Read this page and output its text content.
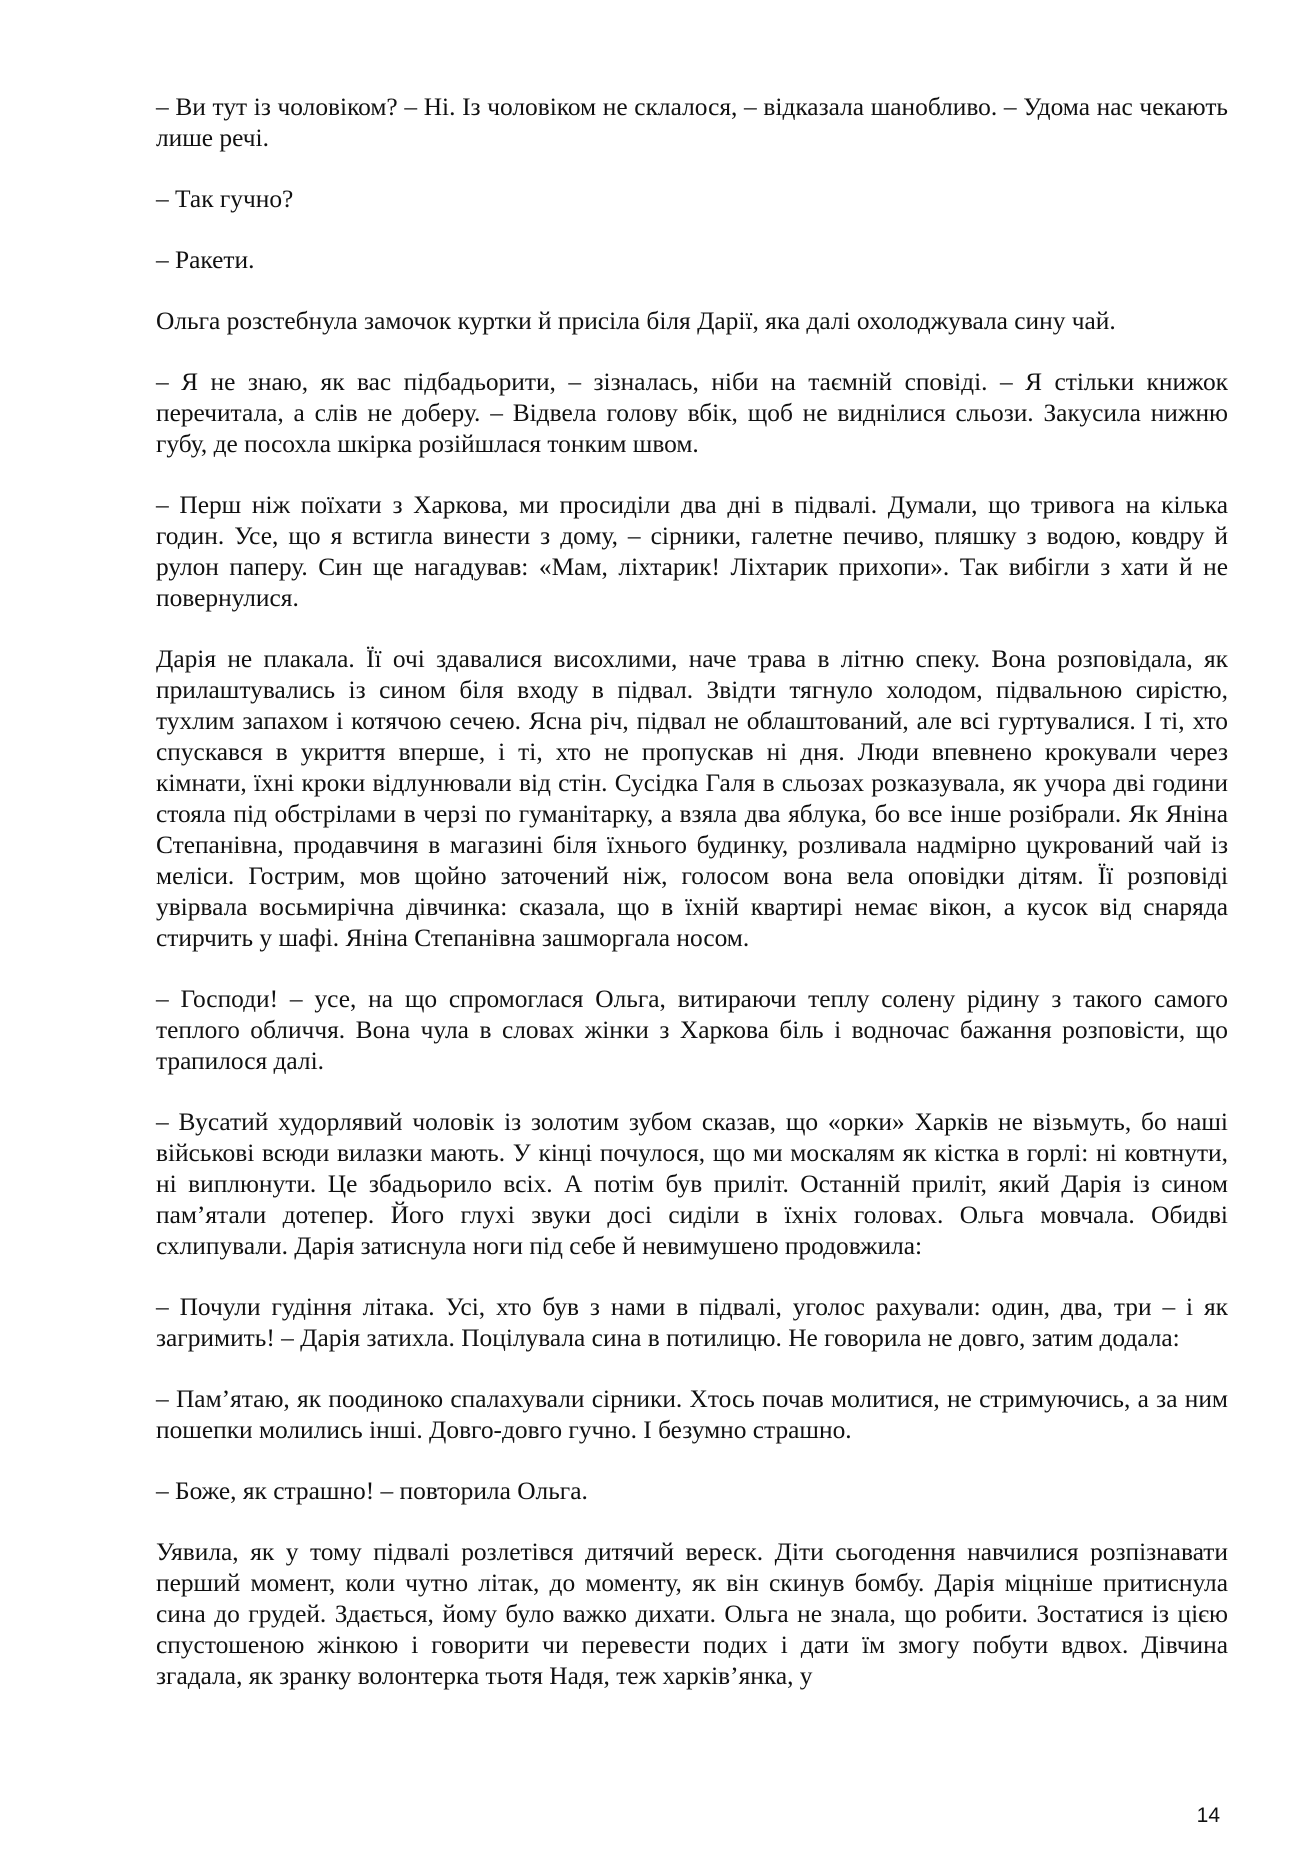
– Ви тут із чоловіком? – Ні. Із чоловіком не склалося, – відказала шанобливо. – Удома нас чекають лише речі.

– Так гучно?

– Ракети.

Ольга розстебнула замочок куртки й присіла біля Дарії, яка далі охолоджувала сину чай.

– Я не знаю, як вас підбадьорити, – зізналась, ніби на таємній сповіді. – Я стільки книжок перечитала, а слів не доберу. – Відвела голову вбік, щоб не виднілися сльози. Закусила нижню губу, де посохла шкірка розійшлася тонким швом.

– Перш ніж поїхати з Харкова, ми просиділи два дні в підвалі. Думали, що тривога на кілька годин. Усе, що я встигла винести з дому, – сірники, галетне печиво, пляшку з водою, ковдру й рулон паперу. Син ще нагадував: «Мам, ліхтарик! Ліхтарик прихопи». Так вибігли з хати й не повернулися.

Дарія не плакала. Її очі здавалися висохлими, наче трава в літню спеку. Вона розповідала, як прилаштувались із сином біля входу в підвал. Звідти тягнуло холодом, підвальною сирістю, тухлим запахом і котячою сечею. Ясна річ, підвал не облаштований, але всі гуртувалися. І ті, хто спускався в укриття вперше, і ті, хто не пропускав ні дня. Люди впевнено крокували через кімнати, їхні кроки відлунювали від стін. Сусідка Галя в сльозах розказувала, як учора дві години стояла під обстрілами в черзі по гуманітарку, а взяла два яблука, бо все інше розібрали. Як Яніна Степанівна, продавчиня в магазині біля їхнього будинку, розливала надмірно цукрований чай із меліси. Гострим, мов щойно заточений ніж, голосом вона вела оповідки дітям. Її розповіді увірвала восьмирічна дівчинка: сказала, що в їхній квартирі немає вікон, а кусок від снаряда стирчить у шафі. Яніна Степанівна зашморгала носом.

– Господи! – усе, на що спромоглася Ольга, витираючи теплу солену рідину з такого самого теплого обличчя. Вона чула в словах жінки з Харкова біль і водночас бажання розповісти, що трапилося далі.

– Вусатий худорлявий чоловік із золотим зубом сказав, що «орки» Харків не візьмуть, бо наші військові всюди вилазки мають. У кінці почулося, що ми москалям як кістка в горлі: ні ковтнути, ні виплюнути. Це збадьорило всіх. А потім був приліт. Останній приліт, який Дарія із сином пам’ятали дотепер. Його глухі звуки досі сиділи в їхніх головах. Ольга мовчала. Обидві схлипували. Дарія затиснула ноги під себе й невимушено продовжила:

– Почули гудіння літака. Усі, хто був з нами в підвалі, уголос рахували: один, два, три – і як загримить! – Дарія затихла. Поцілувала сина в потилицю. Не говорила не довго, затим додала:

– Пам’ятаю, як поодиноко спалахували сірники. Хтось почав молитися, не стримуючись, а за ним пошепки молились інші. Довго-довго гучно. І безумно страшно.

– Боже, як страшно! – повторила Ольга.

Уявила, як у тому підвалі розлетівся дитячий вереск. Діти сьогодення навчилися розпізнавати перший момент, коли чутно літак, до моменту, як він скинув бомбу. Дарія міцніше притиснула сина до грудей. Здається, йому було важко дихати. Ольга не знала, що робити. Зостатися із цією спустошеною жінкою і говорити чи перевести подих і дати їм змогу побути вдвох. Дівчина згадала, як зранку волонтерка тьотя Надя, теж харків’янка, у

14
